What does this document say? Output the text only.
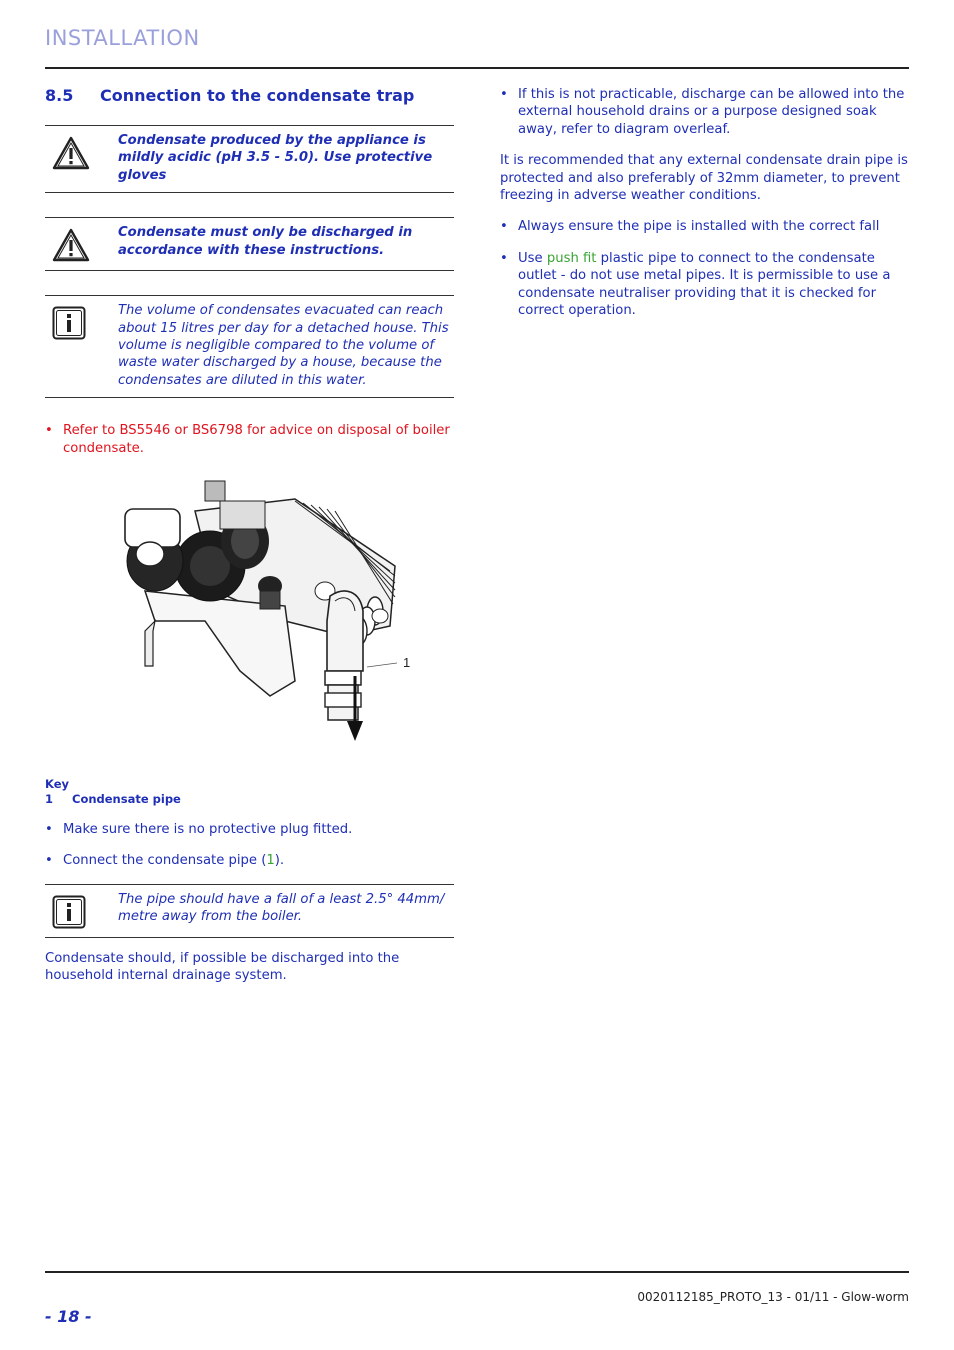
INSTALLATION
8.5	Connection to the condensate trap
Condensate produced by the appliance is mildly acidic (pH 3.5 - 5.0). Use protective gloves
Condensate must only be discharged in accordance with these instructions.
The volume of condensates evacuated can reach about 15 litres per day for a detached house. This volume is negligible compared to the volume of waste water discharged by a house, because the condensates are diluted in this water.
• Refer to BS5546 or BS6798 for advice on disposal of boiler condensate.
1
Key
1	Condensate pipe
• Make sure there is no protective plug fitted.
• Connect the condensate pipe (1).
The pipe should have a fall of a least 2.5° 44mm/ metre away from the boiler.
Condensate should, if possible be discharged into the household internal drainage system.
• If this is not practicable, discharge can be allowed into the external household drains or a purpose designed soak away, refer to diagram overleaf.
It is recommended that any external condensate drain pipe is protected and also preferably of 32mm diameter, to prevent freezing in adverse weather conditions.
• Always ensure the pipe is installed with the correct fall
• Use push fit plastic pipe to connect to the condensate outlet - do not use metal pipes. It is permissible to use a condensate neutraliser providing that it is checked for correct operation.
0020112185_PROTO_13 - 01/11 - Glow-worm
- 18 -
